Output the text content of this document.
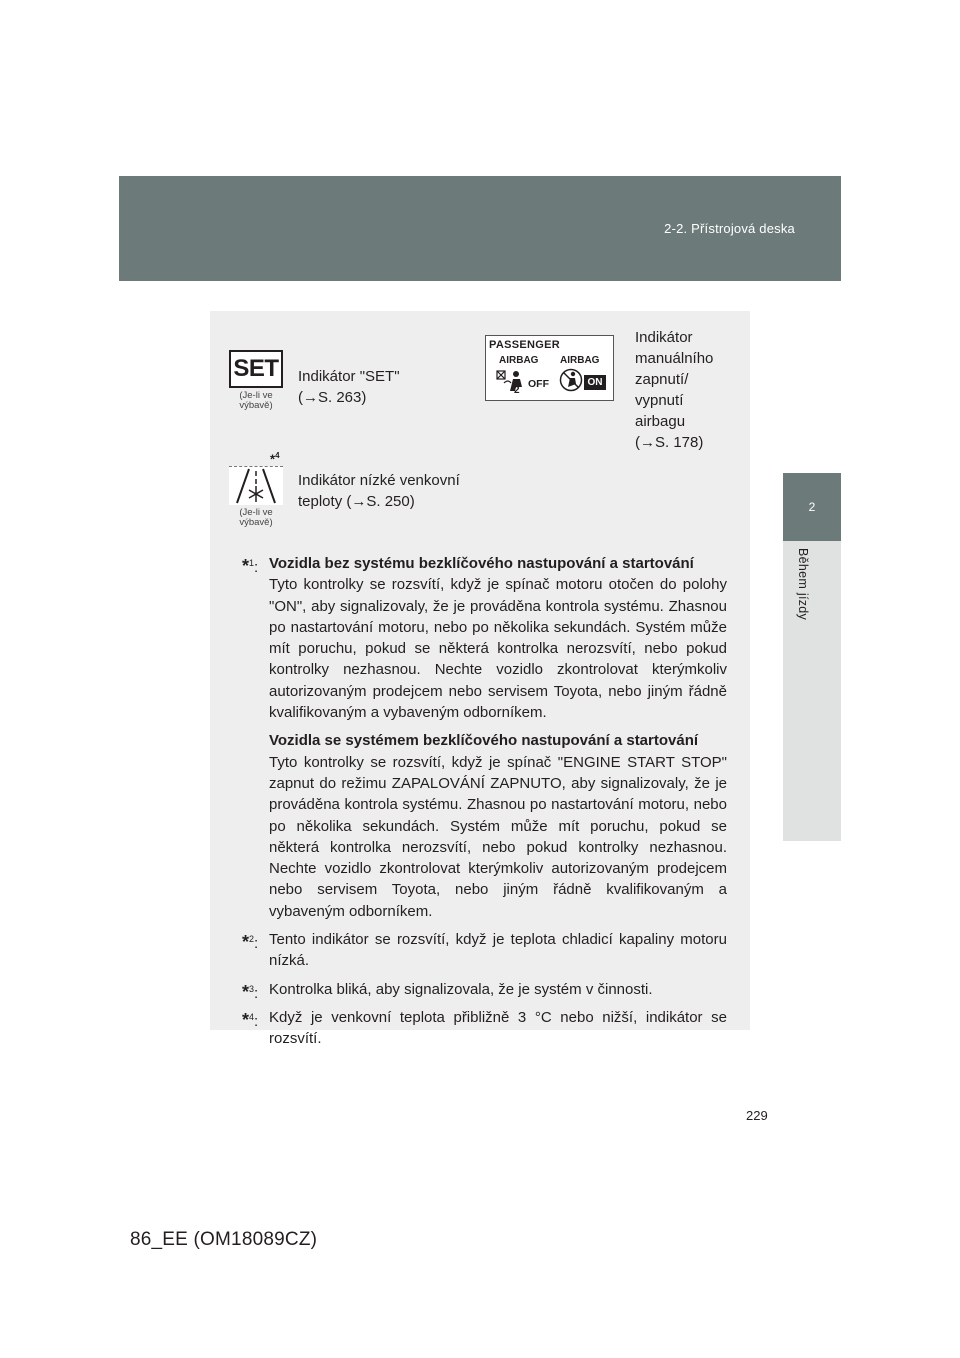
2-2. Přístrojová deska
2
Během jízdy
SET
(Je-li ve výbavě)
Indikátor "SET"
(→S. 263)
PASSENGER
AIRBAG AIRBAG
2
OFF	ON
Indikátor
manuálního
zapnutí/
vypnutí
airbagu
(→S. 178)
*$^4$
(Je-li ve výbavě)
Indikátor nízké venkovní
teploty (→S. 250)
*$^1$: Vozidla bez systému bezklíčového nastupování a startování
Tyto kontrolky se rozsvítí, když je spínač motoru otočen do polohy "ON", aby signalizovaly, že je prováděna kontrola systému. Zhasnou po nastartování motoru, nebo po několika sekundách. Systém může mít poruchu, pokud se některá kontrolka nerozsvítí, nebo pokud kontrolky nezhasnou. Nechte vozidlo zkontrolovat kterýmkoliv autorizovaným prodejcem nebo servisem Toyota, nebo jiným řádně kvalifikovaným a vybaveným odborníkem.
Vozidla se systémem bezklíčového nastupování a startování
Tyto kontrolky se rozsvítí, když je spínač "ENGINE START STOP" zapnut do režimu ZAPALOVÁNÍ ZAPNUTO, aby signalizovaly, že je prováděna kontrola systému. Zhasnou po nastartování motoru, nebo po několika sekundách. Systém může mít poruchu, pokud se některá kontrolka nerozsvítí, nebo pokud kontrolky nezhasnou. Nechte vozidlo zkontrolovat kterýmkoliv autorizovaným prodejcem nebo servisem Toyota, nebo jiným řádně kvalifikovaným a vybaveným odborníkem.
*$^2$: Tento indikátor se rozsvítí, když je teplota chladicí kapaliny motoru nízká.
*$^3$: Kontrolka bliká, aby signalizovala, že je systém v činnosti.
*$^4$: Když je venkovní teplota přibližně 3 °C nebo nižší, indikátor se rozsvítí.
229
86_EE (OM18089CZ)
